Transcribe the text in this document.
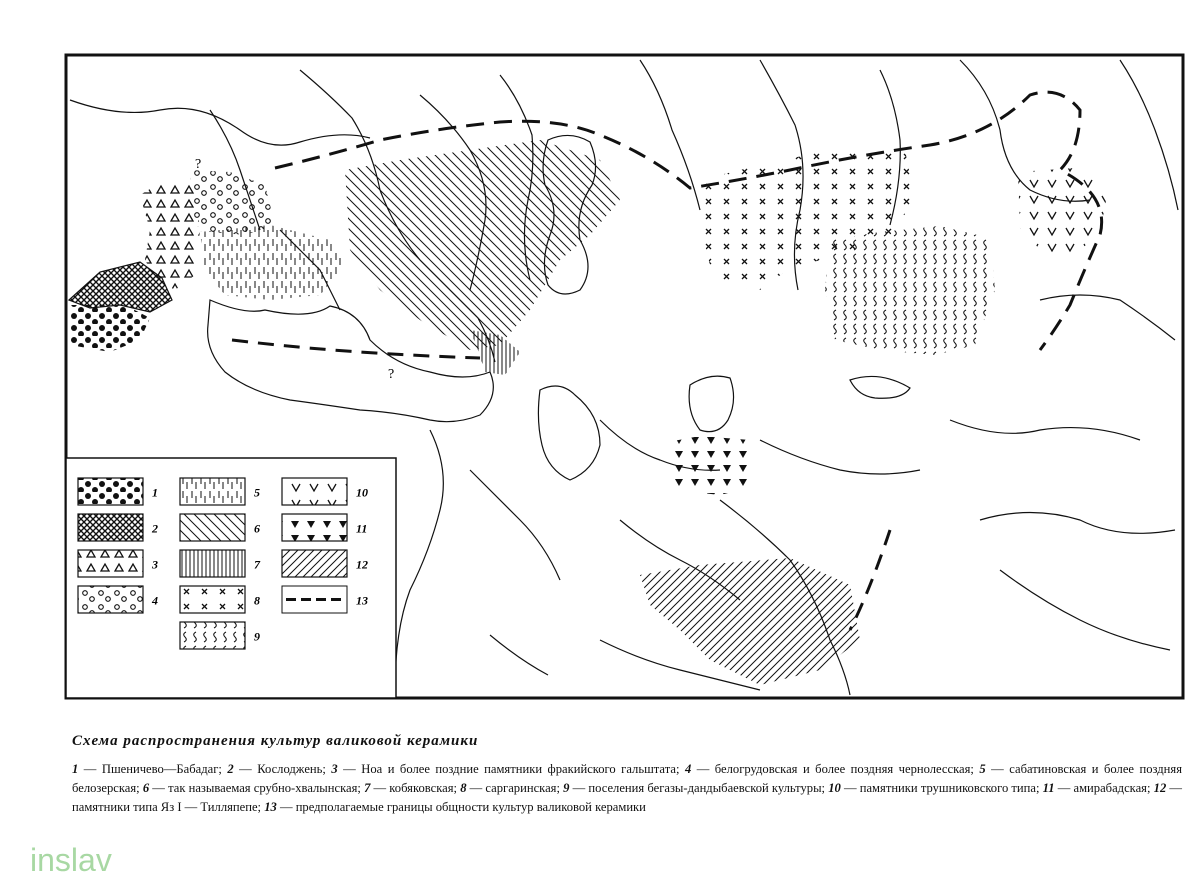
?
?
1
2
3
4
5
6
7
8
9
10
11
12
13
Схема распространения культур валиковой керамики
1 — Пшеничево—Бабадаг; 2 — Кослоджень; 3 — Ноа и более поздние памятники фракийского гальштата; 4 — белогрудовская и более поздняя чернолесская; 5 — сабатиновская и более поздняя белозерская; 6 — так называемая срубно-хвалынская; 7 — кобяковская; 8 — саргаринская; 9 — поселения бегазы-дандыбаевской культуры; 10 — памятники трушниковского типа; 11 — амирабадская; 12 — памятники типа Яз I — Тилляпепе; 13 — предполагаемые границы общности культур валиковой керамики
inslav
